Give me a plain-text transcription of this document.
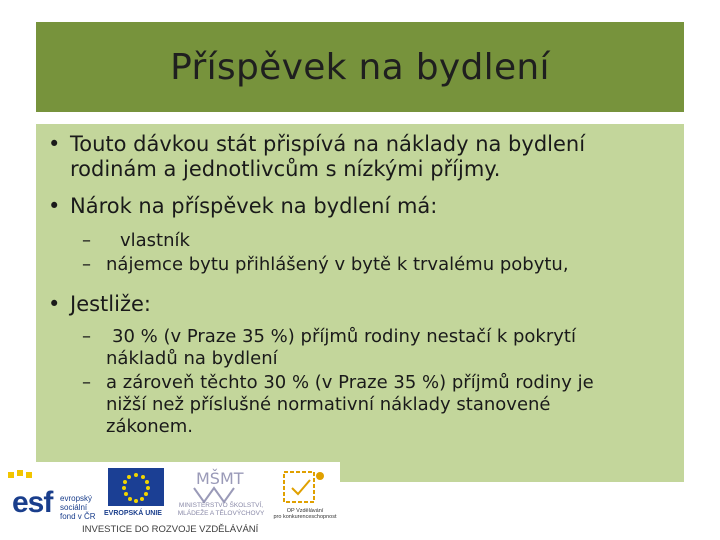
Příspěvek na bydlení
• Touto dávkou stát přispívá na náklady na bydlení
rodinám a jednotlivcům s nízkými příjmy.
• Nárok na příspěvek na bydlení má:
–	vlastník
– nájemce bytu přihlášený v bytě k trvalému pobytu,
• Jestliže:
–	30 % (v Praze 35 %) příjmů rodiny nestačí k pokrytí
nákladů na bydlení
– a zároveň těchto 30 % (v Praze 35 %) příjmů rodiny je
nižší než příslušné normativní náklady stanovené
zákonem.
esf evropský
sociální
fond v ČR EVROPSKÁ UNIE
MŠMT
MINISTERSTVO ŠKOLSTVÍ,
MLÁDEŽE A TĚLOVÝCHOVY	OP Vzdělávání
pro konkurenceschopnost
INVESTICE DO ROZVOJE VZDĚLÁVÁNÍ
